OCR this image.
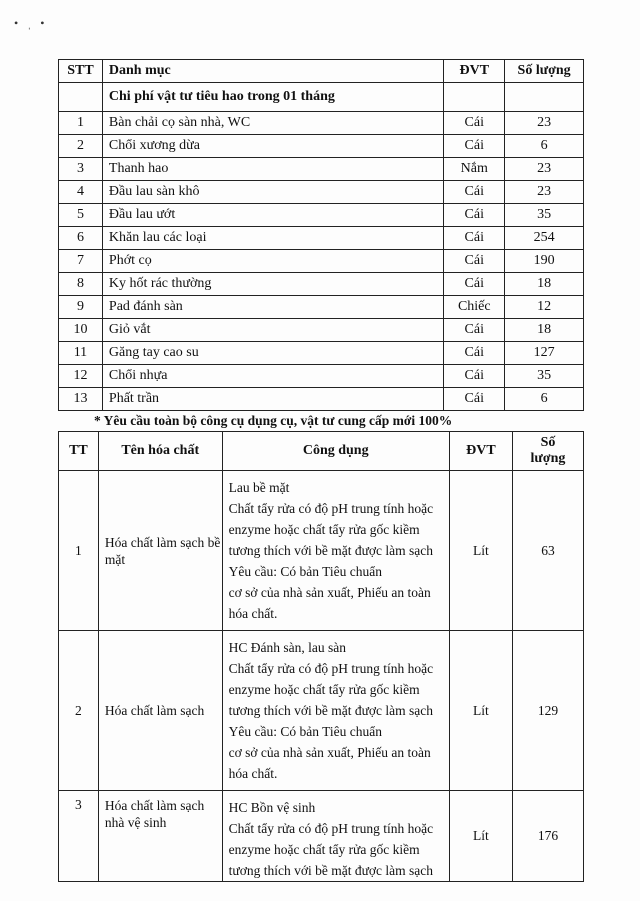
• ˌ •
STT	Danh mục	ĐVT	Số lượng
	Chi phí vật tư tiêu hao trong 01 tháng		
1	Bàn chải cọ sàn nhà, WC	Cái	23
2	Chổi xương dừa	Cái	6
3	Thanh hao	Nắm	23
4	Đầu lau sàn khô	Cái	23
5	Đầu lau ướt	Cái	35
6	Khăn lau các loại	Cái	254
7	Phớt cọ	Cái	190
8	Ky hốt rác thường	Cái	18
9	Pad đánh sàn	Chiếc	12
10	Giỏ vắt	Cái	18
11	Găng tay cao su	Cái	127
12	Chổi nhựa	Cái	35
13	Phất trần	Cái	6
* Yêu cầu toàn bộ công cụ dụng cụ, vật tư cung cấp mới 100%
TT	Tên hóa chất	Công dụng	ĐVT	Số
lượng
1	Hóa chất làm sạch bề mặt	Lau bề mặt
Chất tẩy rửa có độ pH trung tính hoặc enzyme hoặc chất tẩy rửa gốc kiềm tương thích với bề mặt được làm sạch Yêu cầu: Có bản Tiêu chuẩn
cơ sở của nhà sản xuất, Phiếu an toàn hóa chất.	Lít	63
2	Hóa chất làm sạch	HC Đánh sàn, lau sàn
Chất tẩy rửa có độ pH trung tính hoặc enzyme hoặc chất tẩy rửa gốc kiềm tương thích với bề mặt được làm sạch Yêu cầu: Có bản Tiêu chuẩn
cơ sở của nhà sản xuất, Phiếu an toàn hóa chất.	Lít	129
3	Hóa chất làm sạch nhà vệ sinh	HC Bồn vệ sinh
Chất tẩy rửa có độ pH trung tính hoặc enzyme hoặc chất tẩy rửa gốc kiềm tương thích với bề mặt được làm sạch	Lít	176
